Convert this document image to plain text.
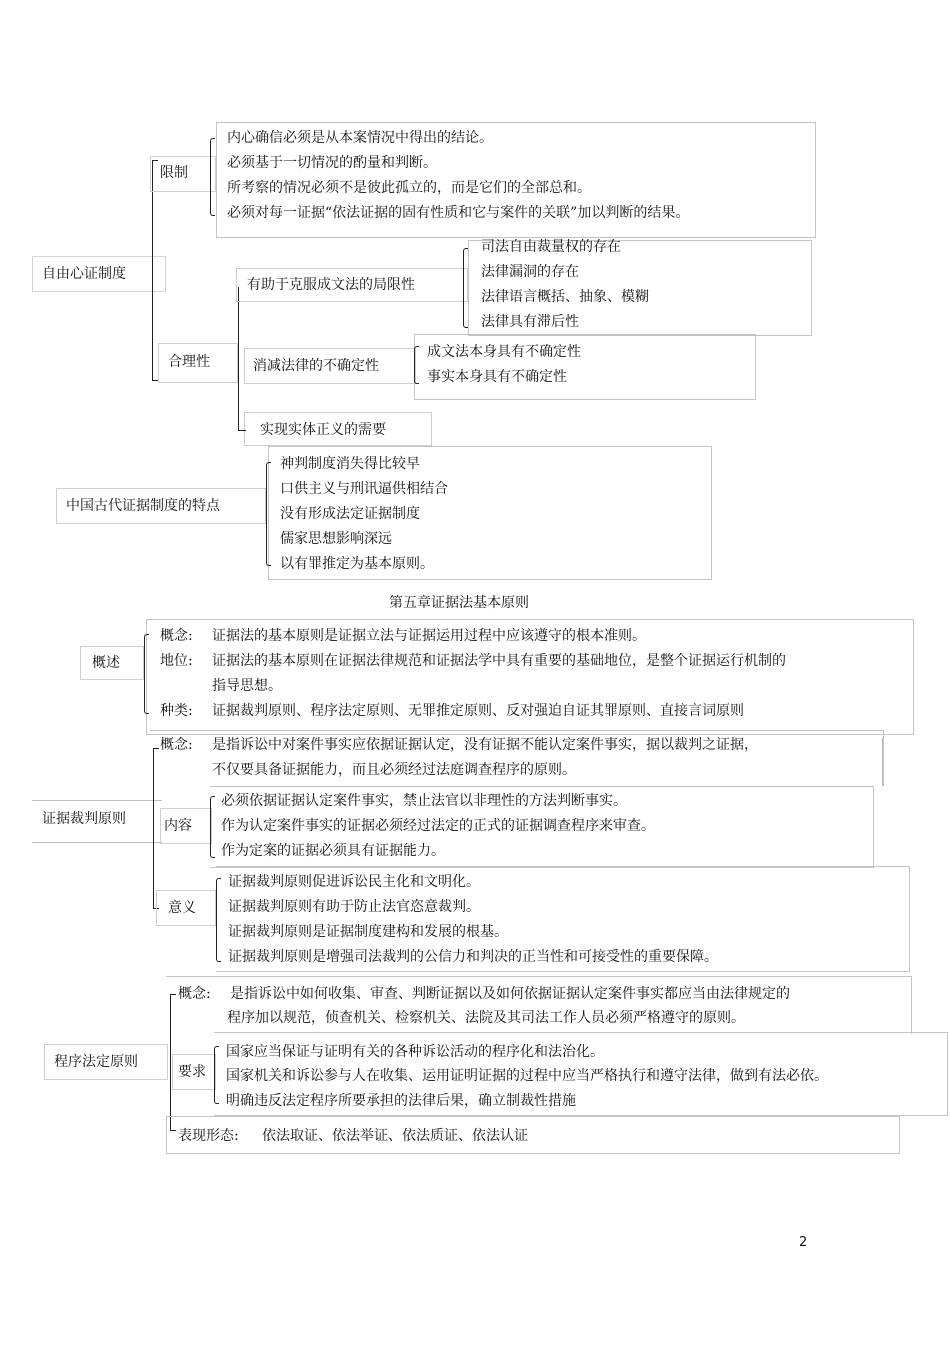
自由心证制度
限制
内心确信必须是从本案情况中得出的结论。
必须基于一切情况的酌量和判断。
所考察的情况必须不是彼此孤立的，而是它们的全部总和。
必须对每一证据“依法证据的固有性质和它与案件的关联”加以判断的结果。
合理性
有助于克服成文法的局限性
司法自由裁量权的存在
法律漏洞的存在
法律语言概括、抽象、模糊
法律具有滞后性
消减法律的不确定性
成文法本身具有不确定性
事实本身具有不确定性
实现实体正义的需要
中国古代证据制度的特点
神判制度消失得比较早
口供主义与刑讯逼供相结合
没有形成法定证据制度
儒家思想影响深远
以有罪推定为基本原则。
第五章证据法基本原则
概述
概念: 证据法的基本原则是证据立法与证据运用过程中应该遵守的根本准则。
地位: 证据法的基本原则在证据法律规范和证据法学中具有重要的基础地位，是整个证据运行机制的
指导思想。
种类: 证据裁判原则、程序法定原则、无罪推定原则、反对强迫自证其罪原则、直接言词原则
证据裁判原则
概念: 是指诉讼中对案件事实应依据证据认定，没有证据不能认定案件事实，据以裁判之证据，
不仅要具备证据能力，而且必须经过法庭调查程序的原则。
内容
必须依据证据认定案件事实，禁止法官以非理性的方法判断事实。
作为认定案件事实的证据必须经过法定的正式的证据调查程序来审查。
作为定案的证据必须具有证据能力。
意义
证据裁判原则促进诉讼民主化和文明化。
证据裁判原则有助于防止法官恣意裁判。
证据裁判原则是证据制度建构和发展的根基。
证据裁判原则是增强司法裁判的公信力和判决的正当性和可接受性的重要保障。
程序法定原则
概念: 是指诉讼中如何收集、审查、判断证据以及如何依据证据认定案件事实都应当由法律规定的
程序加以规范，侦查机关、检察机关、法院及其司法工作人员必须严格遵守的原则。
要求
国家应当保证与证明有关的各种诉讼活动的程序化和法治化。
国家机关和诉讼参与人在收集、运用证明证据的过程中应当严格执行和遵守法律，做到有法必依。
明确违反法定程序所要承担的法律后果，确立制裁性措施
表现形态: 依法取证、依法举证、依法质证、依法认证
2
